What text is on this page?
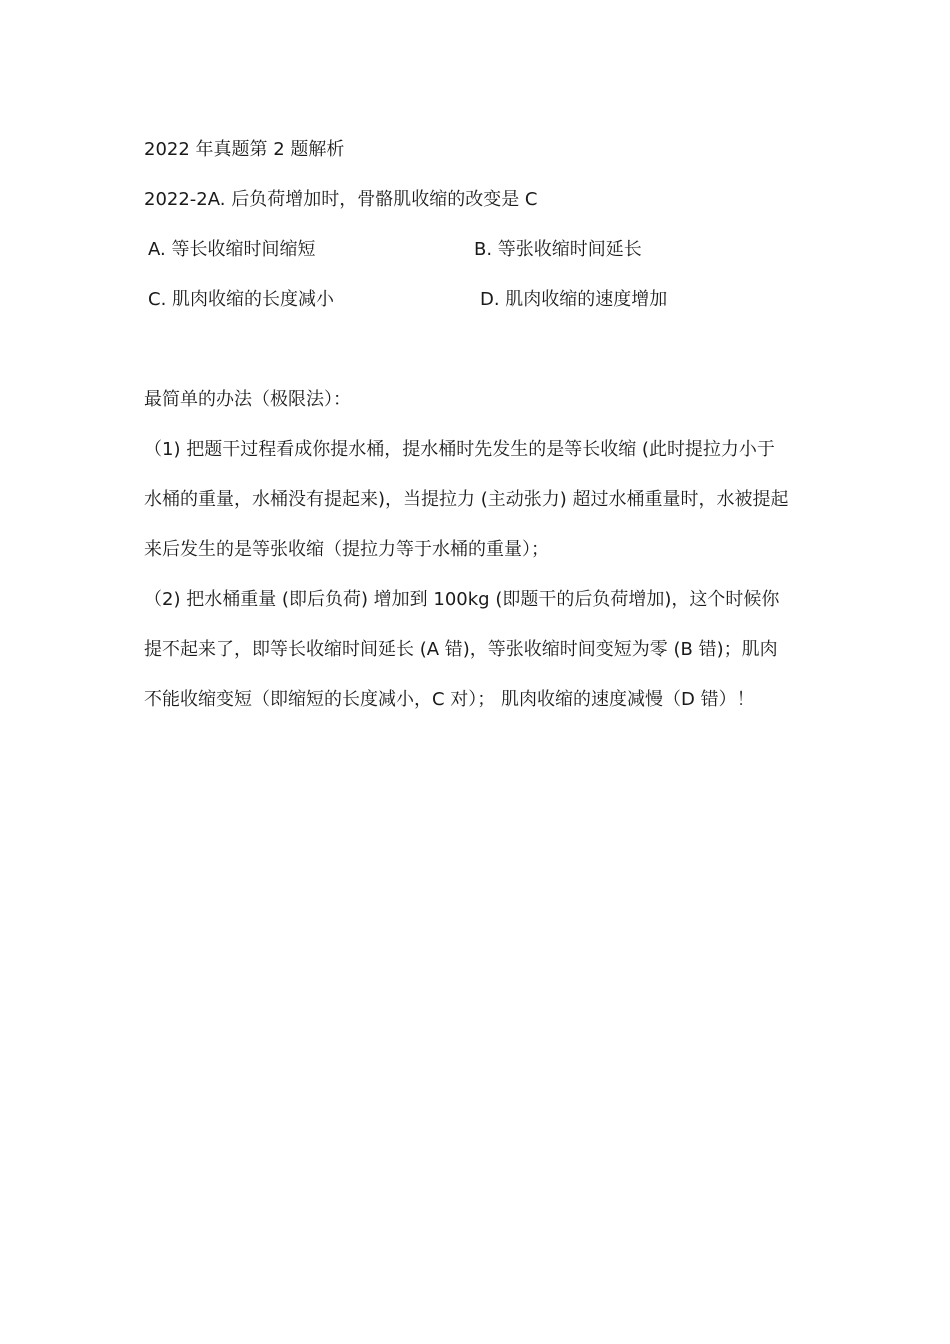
2022 年真题第 2 题解析
2022-2A. 后负荷增加时，骨骼肌收缩的改变是 C
A. 等长收缩时间缩短	B. 等张收缩时间延长
C. 肌肉收缩的长度减小	D. 肌肉收缩的速度增加
最简单的办法（极限法）：
（1) 把题干过程看成你提水桶，提水桶时先发生的是等长收缩 (此时提拉力小于
水桶的重量，水桶没有提起来)，当提拉力 (主动张力) 超过水桶重量时，水被提起
来后发生的是等张收缩（提拉力等于水桶的重量）；
（2) 把水桶重量 (即后负荷) 增加到 100kg (即题干的后负荷增加)，这个时候你
提不起来了，即等长收缩时间延长 (A 错)，等张收缩时间变短为零 (B 错)；肌肉
不能收缩变短（即缩短的长度减小，C 对）； 肌肉收缩的速度减慢（D 错）！
